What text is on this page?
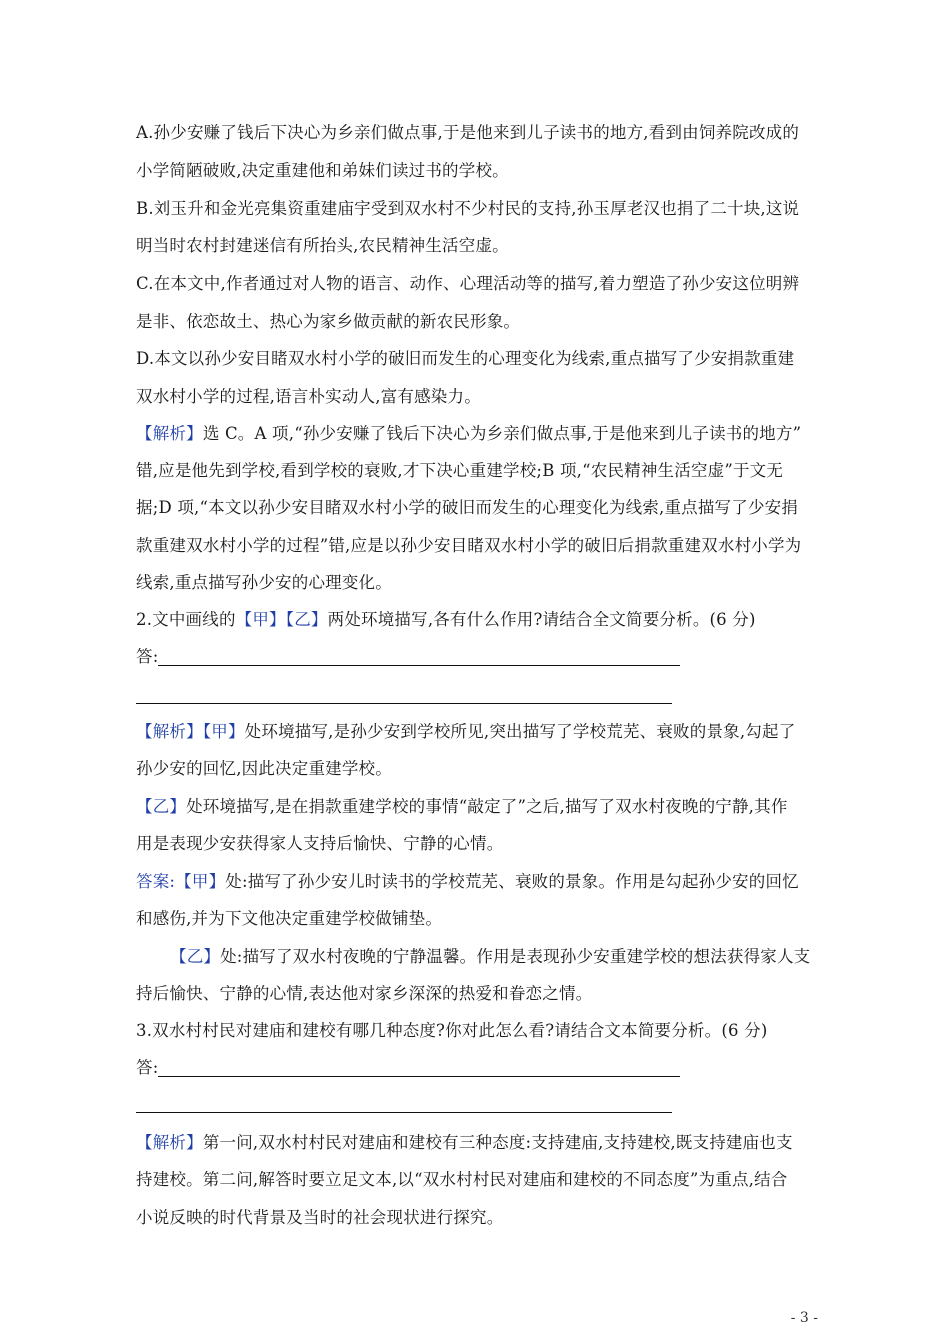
A.孙少安赚了钱后下决心为乡亲们做点事,于是他来到儿子读书的地方,看到由饲养院改成的
小学简陋破败,决定重建他和弟妹们读过书的学校。
B.刘玉升和金光亮集资重建庙宇受到双水村不少村民的支持,孙玉厚老汉也捐了二十块,这说
明当时农村封建迷信有所抬头,农民精神生活空虚。
C.在本文中,作者通过对人物的语言、动作、心理活动等的描写,着力塑造了孙少安这位明辨
是非、依恋故土、热心为家乡做贡献的新农民形象。
D.本文以孙少安目睹双水村小学的破旧而发生的心理变化为线索,重点描写了少安捐款重建
双水村小学的过程,语言朴实动人,富有感染力。
【解析】选 C。A 项,“孙少安赚了钱后下决心为乡亲们做点事,于是他来到儿子读书的地方”
错,应是他先到学校,看到学校的衰败,才下决心重建学校;B 项,“农民精神生活空虚”于文无
据;D 项,“本文以孙少安目睹双水村小学的破旧而发生的心理变化为线索,重点描写了少安捐
款重建双水村小学的过程”错,应是以孙少安目睹双水村小学的破旧后捐款重建双水村小学为
线索,重点描写孙少安的心理变化。
2.文中画线的【甲】【乙】两处环境描写,各有什么作用?请结合全文简要分析。(6 分)
答:
【解析】【甲】处环境描写,是孙少安到学校所见,突出描写了学校荒芜、衰败的景象,勾起了
孙少安的回忆,因此决定重建学校。
【乙】处环境描写,是在捐款重建学校的事情“敲定了”之后,描写了双水村夜晚的宁静,其作
用是表现少安获得家人支持后愉快、宁静的心情。
答案:【甲】处:描写了孙少安儿时读书的学校荒芜、衰败的景象。作用是勾起孙少安的回忆
和感伤,并为下文他决定重建学校做铺垫。
【乙】处:描写了双水村夜晚的宁静温馨。作用是表现孙少安重建学校的想法获得家人支
持后愉快、宁静的心情,表达他对家乡深深的热爱和眷恋之情。
3.双水村村民对建庙和建校有哪几种态度?你对此怎么看?请结合文本简要分析。(6 分)
答:
【解析】第一问,双水村村民对建庙和建校有三种态度:支持建庙,支持建校,既支持建庙也支
持建校。第二问,解答时要立足文本,以“双水村村民对建庙和建校的不同态度”为重点,结合
小说反映的时代背景及当时的社会现状进行探究。
- 3 -
